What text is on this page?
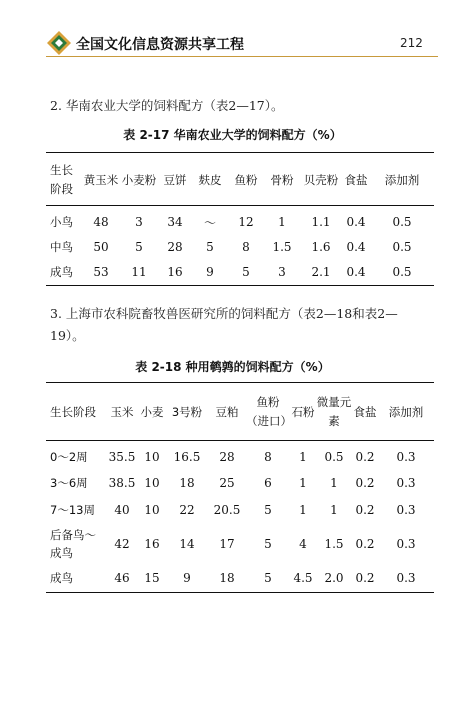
全国文化信息资源共享工程	212
2. 华南农业大学的饲料配方（表2—17）。
表 2-17 华南农业大学的饲料配方（%）
生长阶段	黄玉米	小麦粉	豆饼	麸皮	鱼粉	骨粉	贝壳粉	食盐	添加剂
小鸟	48	3	34	～	12	1	1.1	0.4	0.5
中鸟	50	5	28	5	8	1.5	1.6	0.4	0.5
成鸟	53	11	16	9	5	3	2.1	0.4	0.5
3. 上海市农科院畜牧兽医研究所的饲料配方（表2—18和表2—19）。
表 2-18 种用鹌鹑的饲料配方（%）
生长阶段	玉米	小麦	3号粉	豆粕	鱼粉（进口）	石粉	微量元素	食盐	添加剂
0～2周	35.5	10	16.5	28	8	1	0.5	0.2	0.3
3～6周	38.5	10	18	25	6	1	1	0.2	0.3
7～13周	40	10	22	20.5	5	1	1	0.2	0.3
后备鸟～成鸟	42	16	14	17	5	4	1.5	0.2	0.3
成鸟	46	15	9	18	5	4.5	2.0	0.2	0.3
